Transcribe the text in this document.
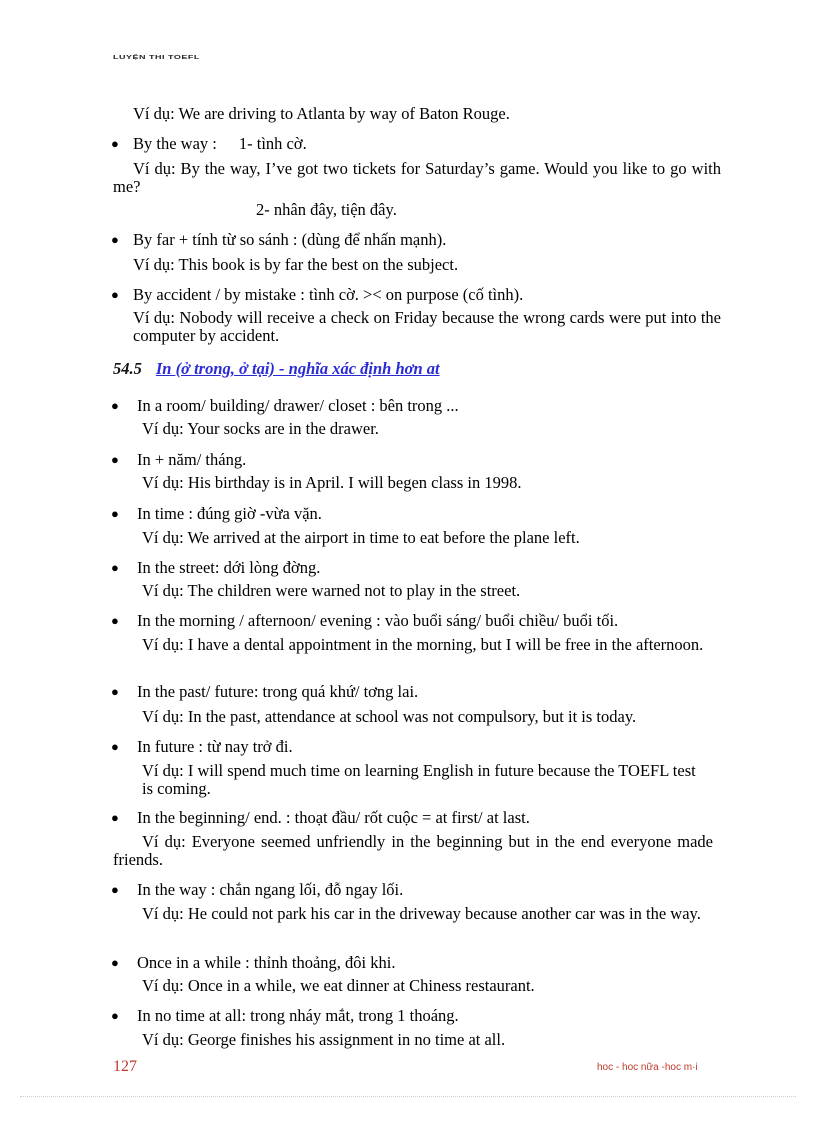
LUYỆN THI TOEFL
Ví dụ: We are driving to Atlanta by way of Baton Rouge.
● By the way : 1- tình cờ.
Ví dụ: By the way, I’ve got two tickets for Saturday’s game. Would you like to go with me?
2- nhân đây, tiện đây.
● By far + tính từ so sánh : (dùng để nhấn mạnh).
Ví dụ: This book is by far the best on the subject.
● By accident / by mistake : tình cờ. >< on purpose (cố tình).
Ví dụ: Nobody will receive a check on Friday because the wrong cards were put into the computer by accident.
54.5 In (ở trong, ở tại) - nghĩa xác định hơn at
● In a room/ building/ drawer/ closet : bên trong ...
Ví dụ: Your socks are in the drawer.
● In + năm/ tháng.
Ví dụ: His birthday is in April. I will begen class in 1998.
● In time : đúng giờ -vừa vặn.
Ví dụ: We arrived at the airport in time to eat before the plane left.
● In the street: dới lòng đờng.
Ví dụ: The children were warned not to play in the street.
● In the morning / afternoon/ evening : vào buổi sáng/ buổi chiều/ buổi tối.
Ví dụ: I have a dental appointment in the morning, but I will be free in the afternoon.
● In the past/ future: trong quá khứ/ tơng lai.
Ví dụ: In the past, attendance at school was not compulsory, but it is today.
● In future : từ nay trở đi.
Ví dụ: I will spend much time on learning English in future because the TOEFL test is coming.
● In the beginning/ end. : thoạt đầu/ rốt cuộc = at first/ at last.
Ví dụ: Everyone seemed unfriendly in the beginning but in the end everyone made friends.
● In the way : chắn ngang lối, đỗ ngay lối.
Ví dụ: He could not park his car in the driveway because another car was in the way.
● Once in a while : thỉnh thoảng, đôi khi.
Ví dụ: Once in a while, we eat dinner at Chiness restaurant.
● In no time at all: trong nháy mắt, trong 1 thoáng.
Ví dụ: George finishes his assignment in no time at all.
127	hoc - hoc nữa -hoc m·i
